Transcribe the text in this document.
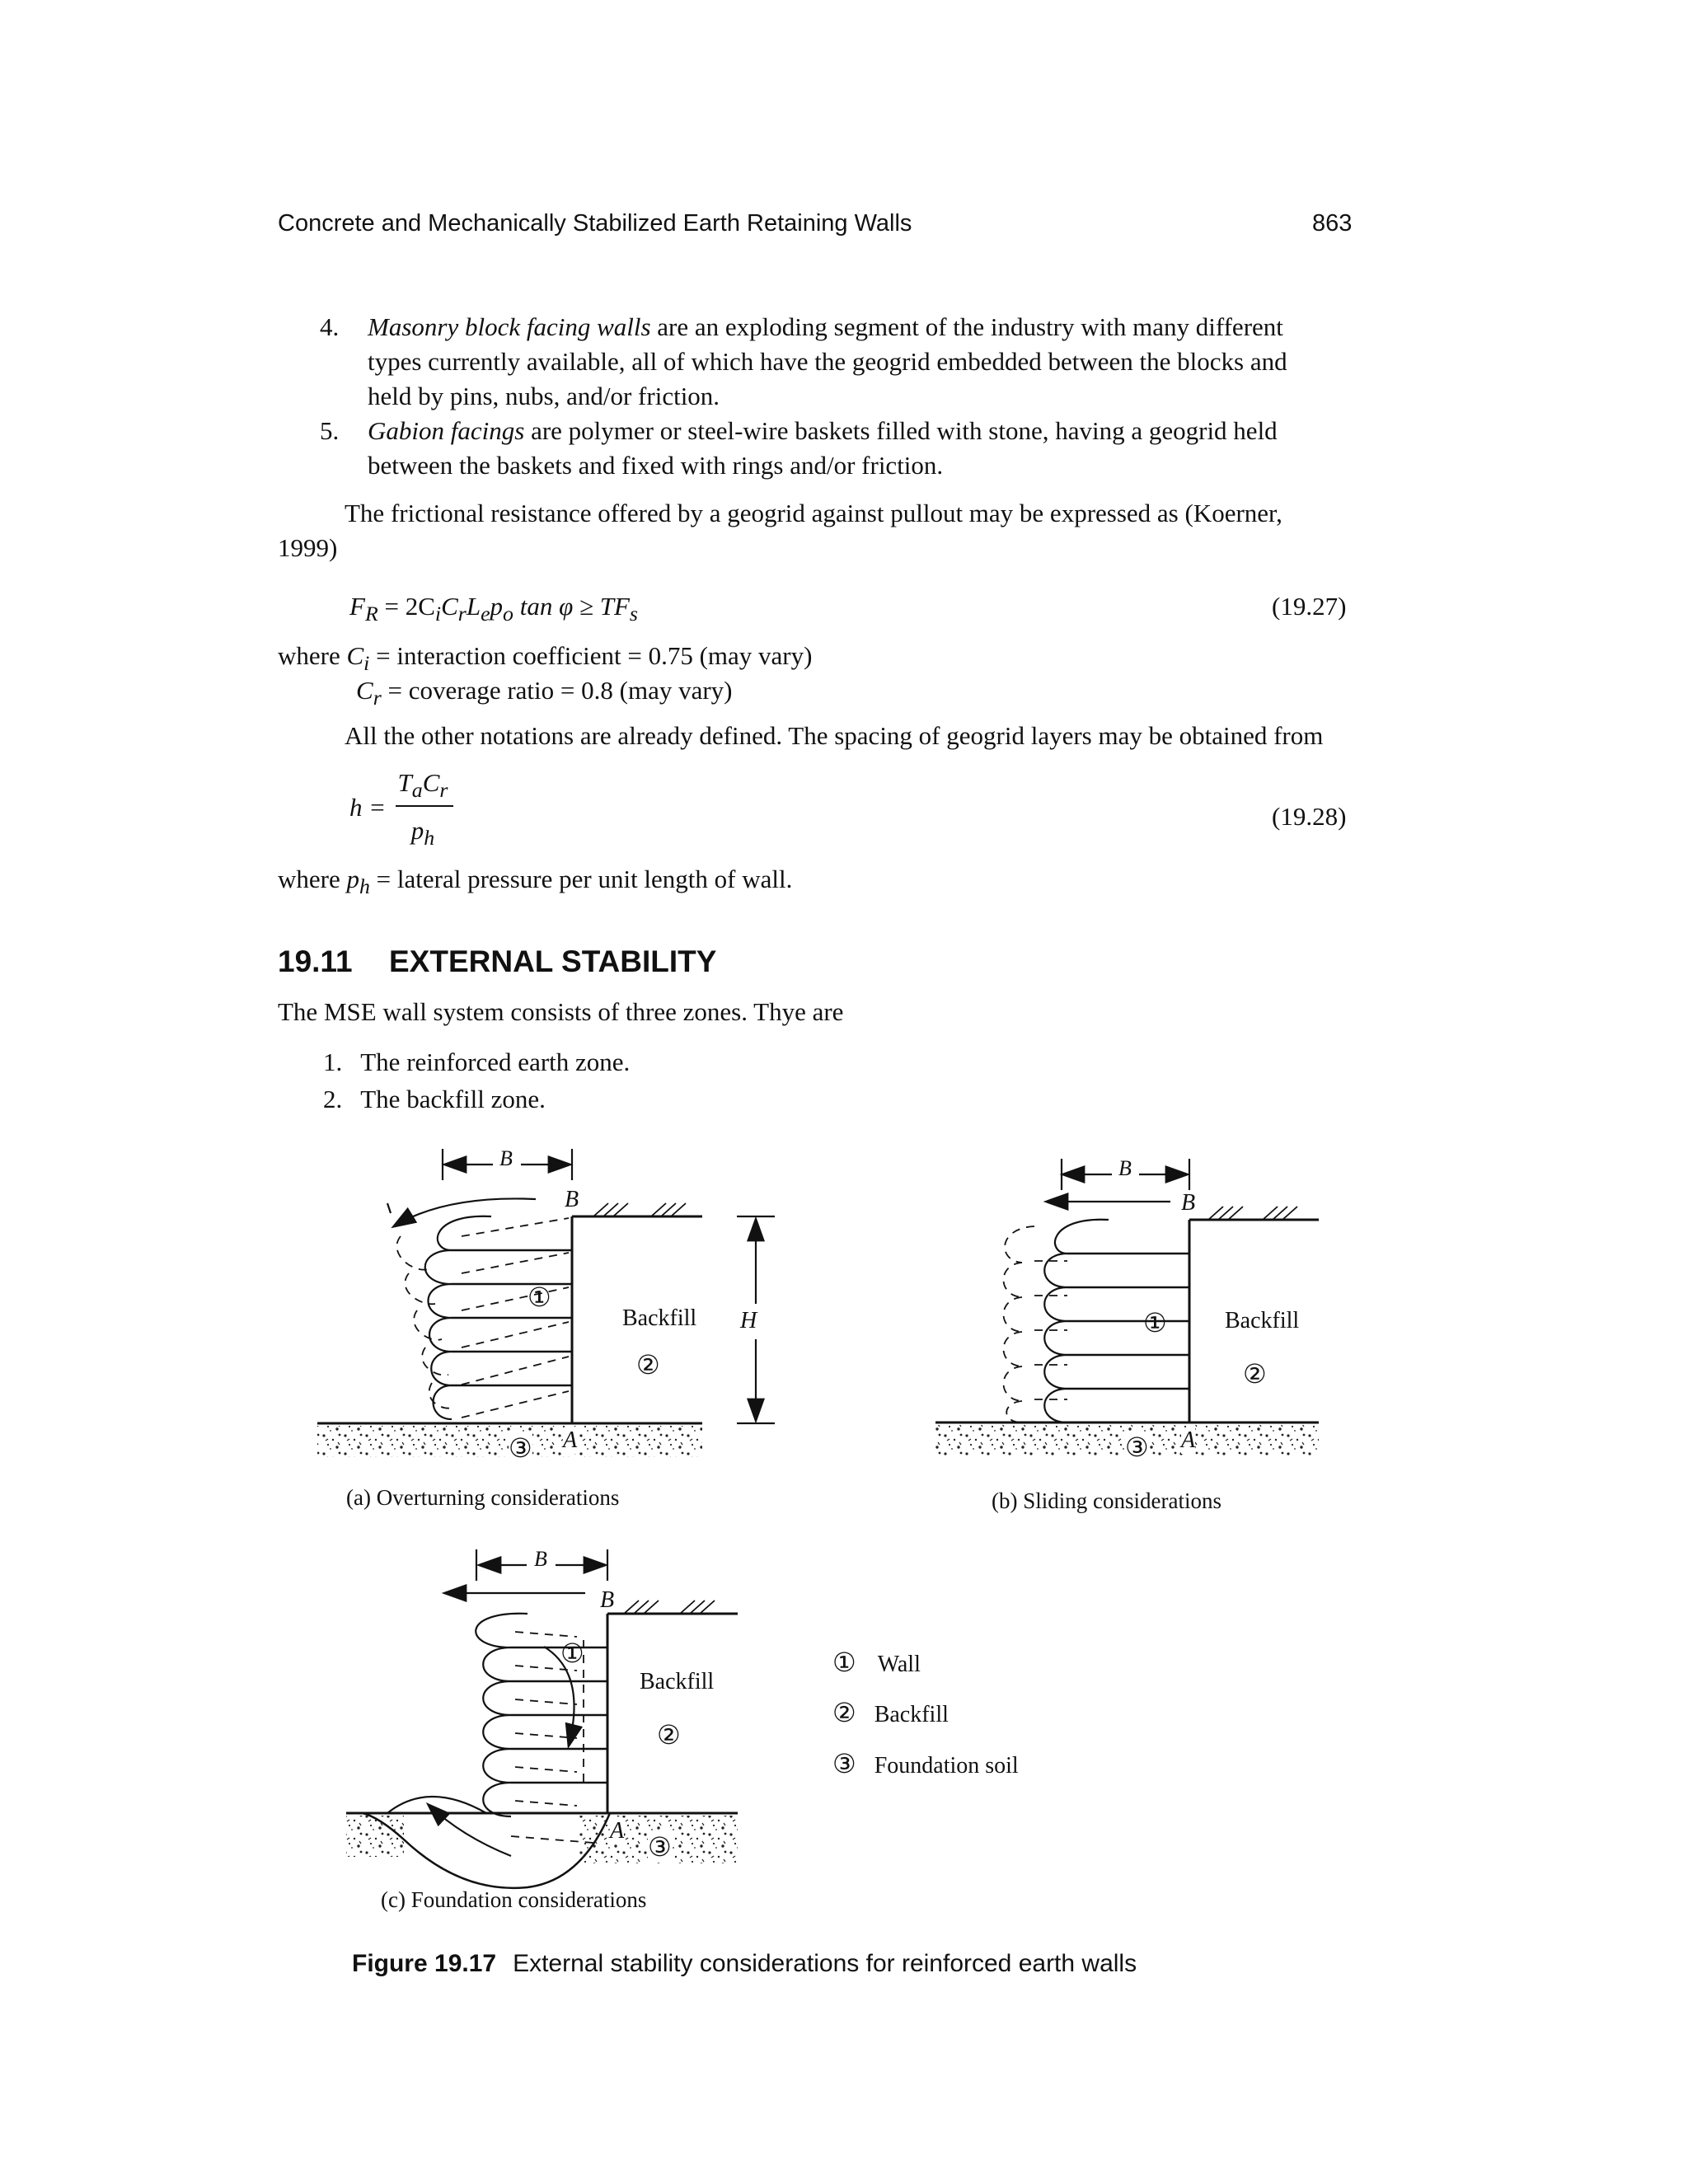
Concrete and Mechanically Stabilized Earth Retaining Walls	863
4. Masonry block facing walls are an exploding segment of the industry with many different
types currently available, all of which have the geogrid embedded between the blocks and
held by pins, nubs, and/or friction.
5. Gabion facings are polymer or steel-wire baskets filled with stone, having a geogrid held
between the baskets and fixed with rings and/or friction.
The frictional resistance offered by a geogrid against pullout may be expressed as (Koerner,
1999)
$F_R = 2C_iC_rL_ep_o$ $\tan \varphi \ge TF_s$	(19.27)
where $C_i$ = interaction coefficient = 0.75 (may vary)
$C_r$ = coverage ratio = 0.8 (may vary)
All the other notations are already defined. The spacing of geogrid layers may be obtained from
h =
$T_aC_r$
$p_h$
(19.28)
where $p_h$ = lateral pressure per unit length of wall.
19.11 EXTERNAL STABILITY
The MSE wall system consists of three zones. Thye are
1. The reinforced earth zone.
2. The backfill zone.
B
B
①
Backfill
②
H
③ A
(a) Overturning considerations
B
B
①	Backfill
②
③ A
(b) Sliding considerations
B
B
①
Backfill
②
A
③
(c) Foundation considerations
① Wall
② Backfill
③ Foundation soil
Figure 19.17 External stability considerations for reinforced earth walls
